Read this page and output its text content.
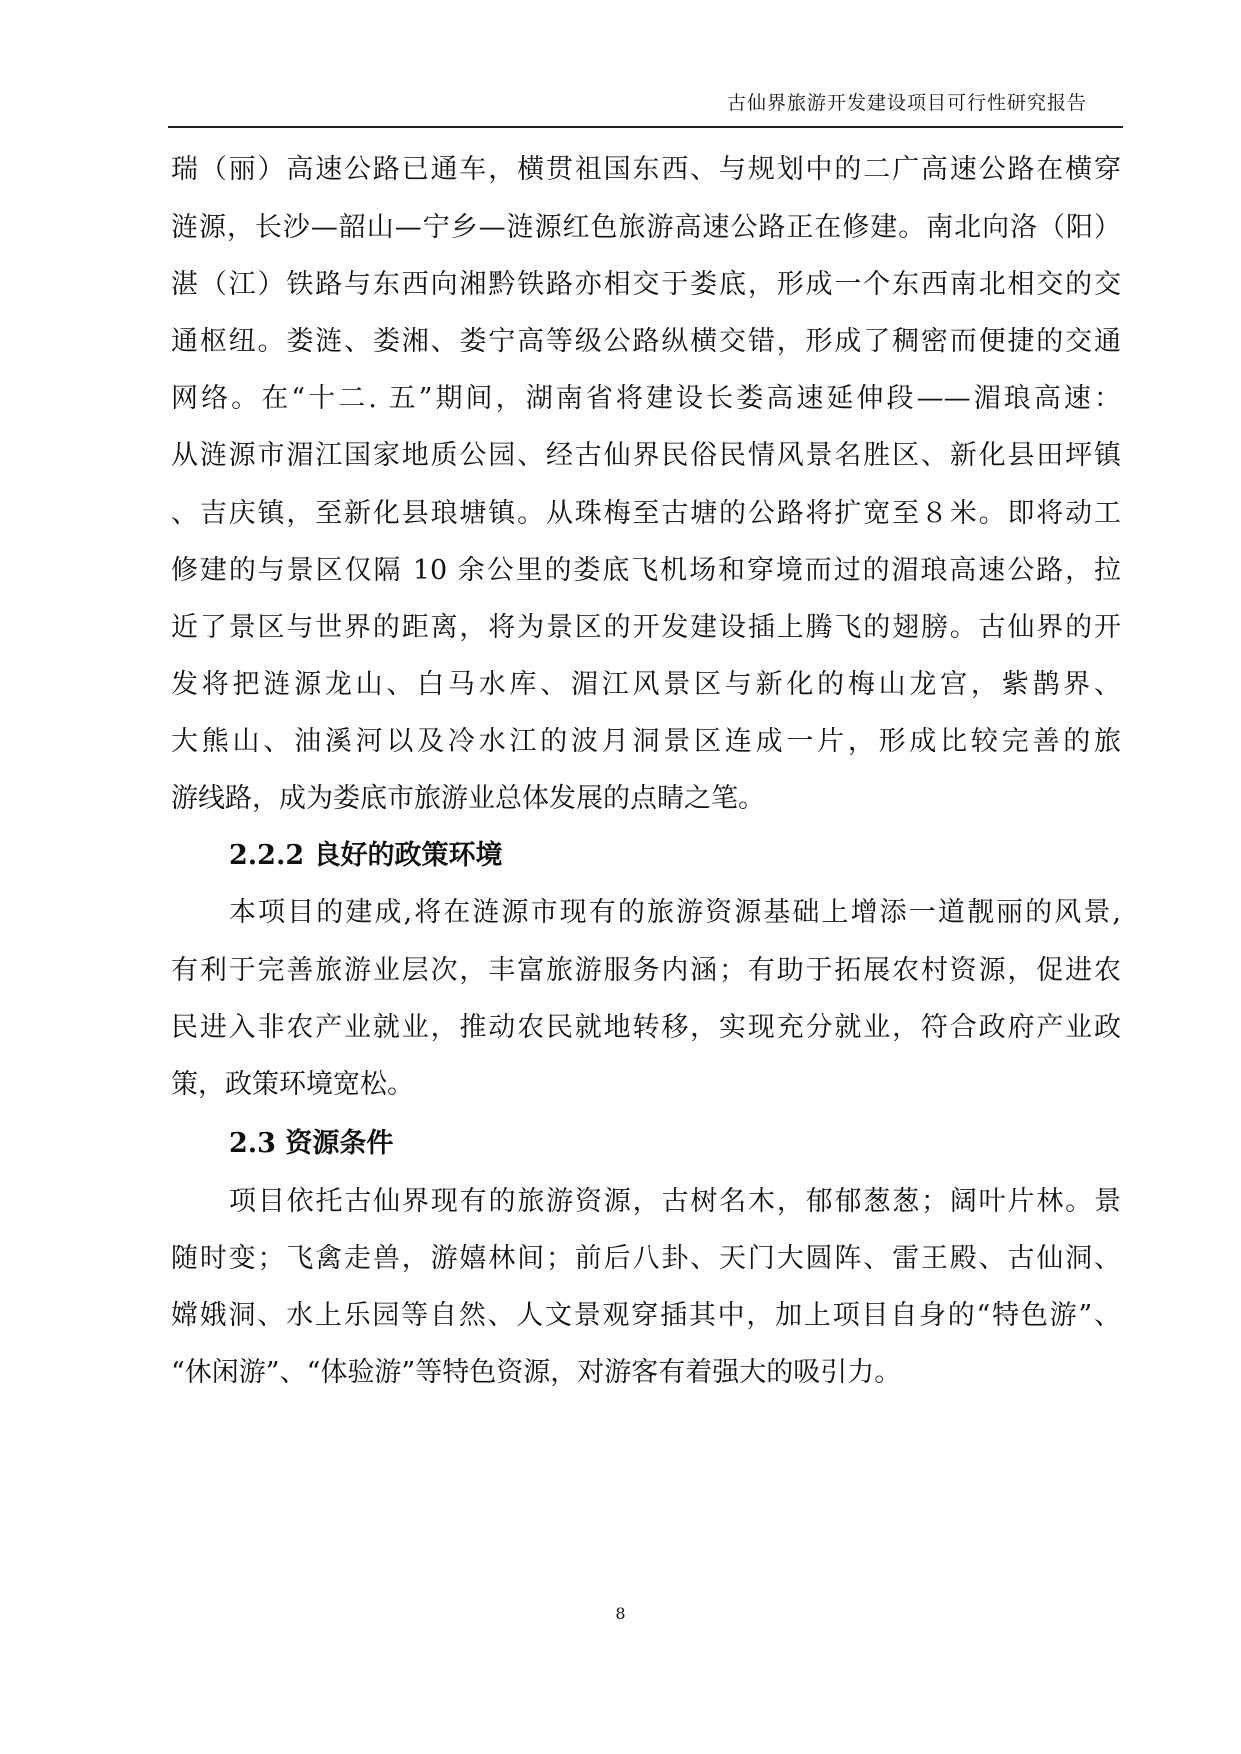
古仙界旅游开发建设项目可行性研究报告
瑞（丽）高速公路已通车，横贯祖国东西、与规划中的二广高速公路在横穿
涟源，长沙—韶山—宁乡—涟源红色旅游高速公路正在修建。南北向洛（阳）
湛（江）铁路与东西向湘黔铁路亦相交于娄底，形成一个东西南北相交的交
通枢纽。娄涟、娄湘、娄宁高等级公路纵横交错，形成了稠密而便捷的交通
网络。在“十二. 五”期间，湖南省将建设长娄高速延伸段——湄琅高速：
从涟源市湄江国家地质公园、经古仙界民俗民情风景名胜区、新化县田坪镇
、吉庆镇，至新化县琅塘镇。从珠梅至古塘的公路将扩宽至８米。即将动工
修建的与景区仅隔 10 余公里的娄底飞机场和穿境而过的湄琅高速公路，拉
近了景区与世界的距离，将为景区的开发建设插上腾飞的翅膀。古仙界的开
发将把涟源龙山、白马水库、湄江风景区与新化的梅山龙宫，紫鹊界、
大熊山、油溪河以及冷水江的波月洞景区连成一片，形成比较完善的旅
游线路，成为娄底市旅游业总体发展的点睛之笔。
2.2.2 良好的政策环境
本项目的建成,将在涟源市现有的旅游资源基础上增添一道靓丽的风景,
有利于完善旅游业层次，丰富旅游服务内涵；有助于拓展农村资源，促进农
民进入非农产业就业，推动农民就地转移，实现充分就业，符合政府产业政
策，政策环境宽松。
2.3 资源条件
项目依托古仙界现有的旅游资源，古树名木，郁郁葱葱；阔叶片林。景
随时变；飞禽走兽，游嬉林间；前后八卦、天门大圆阵、雷王殿、古仙洞、
嫦娥洞、水上乐园等自然、人文景观穿插其中，加上项目自身的“特色游”、
“休闲游”、“体验游”等特色资源，对游客有着强大的吸引力。
8
